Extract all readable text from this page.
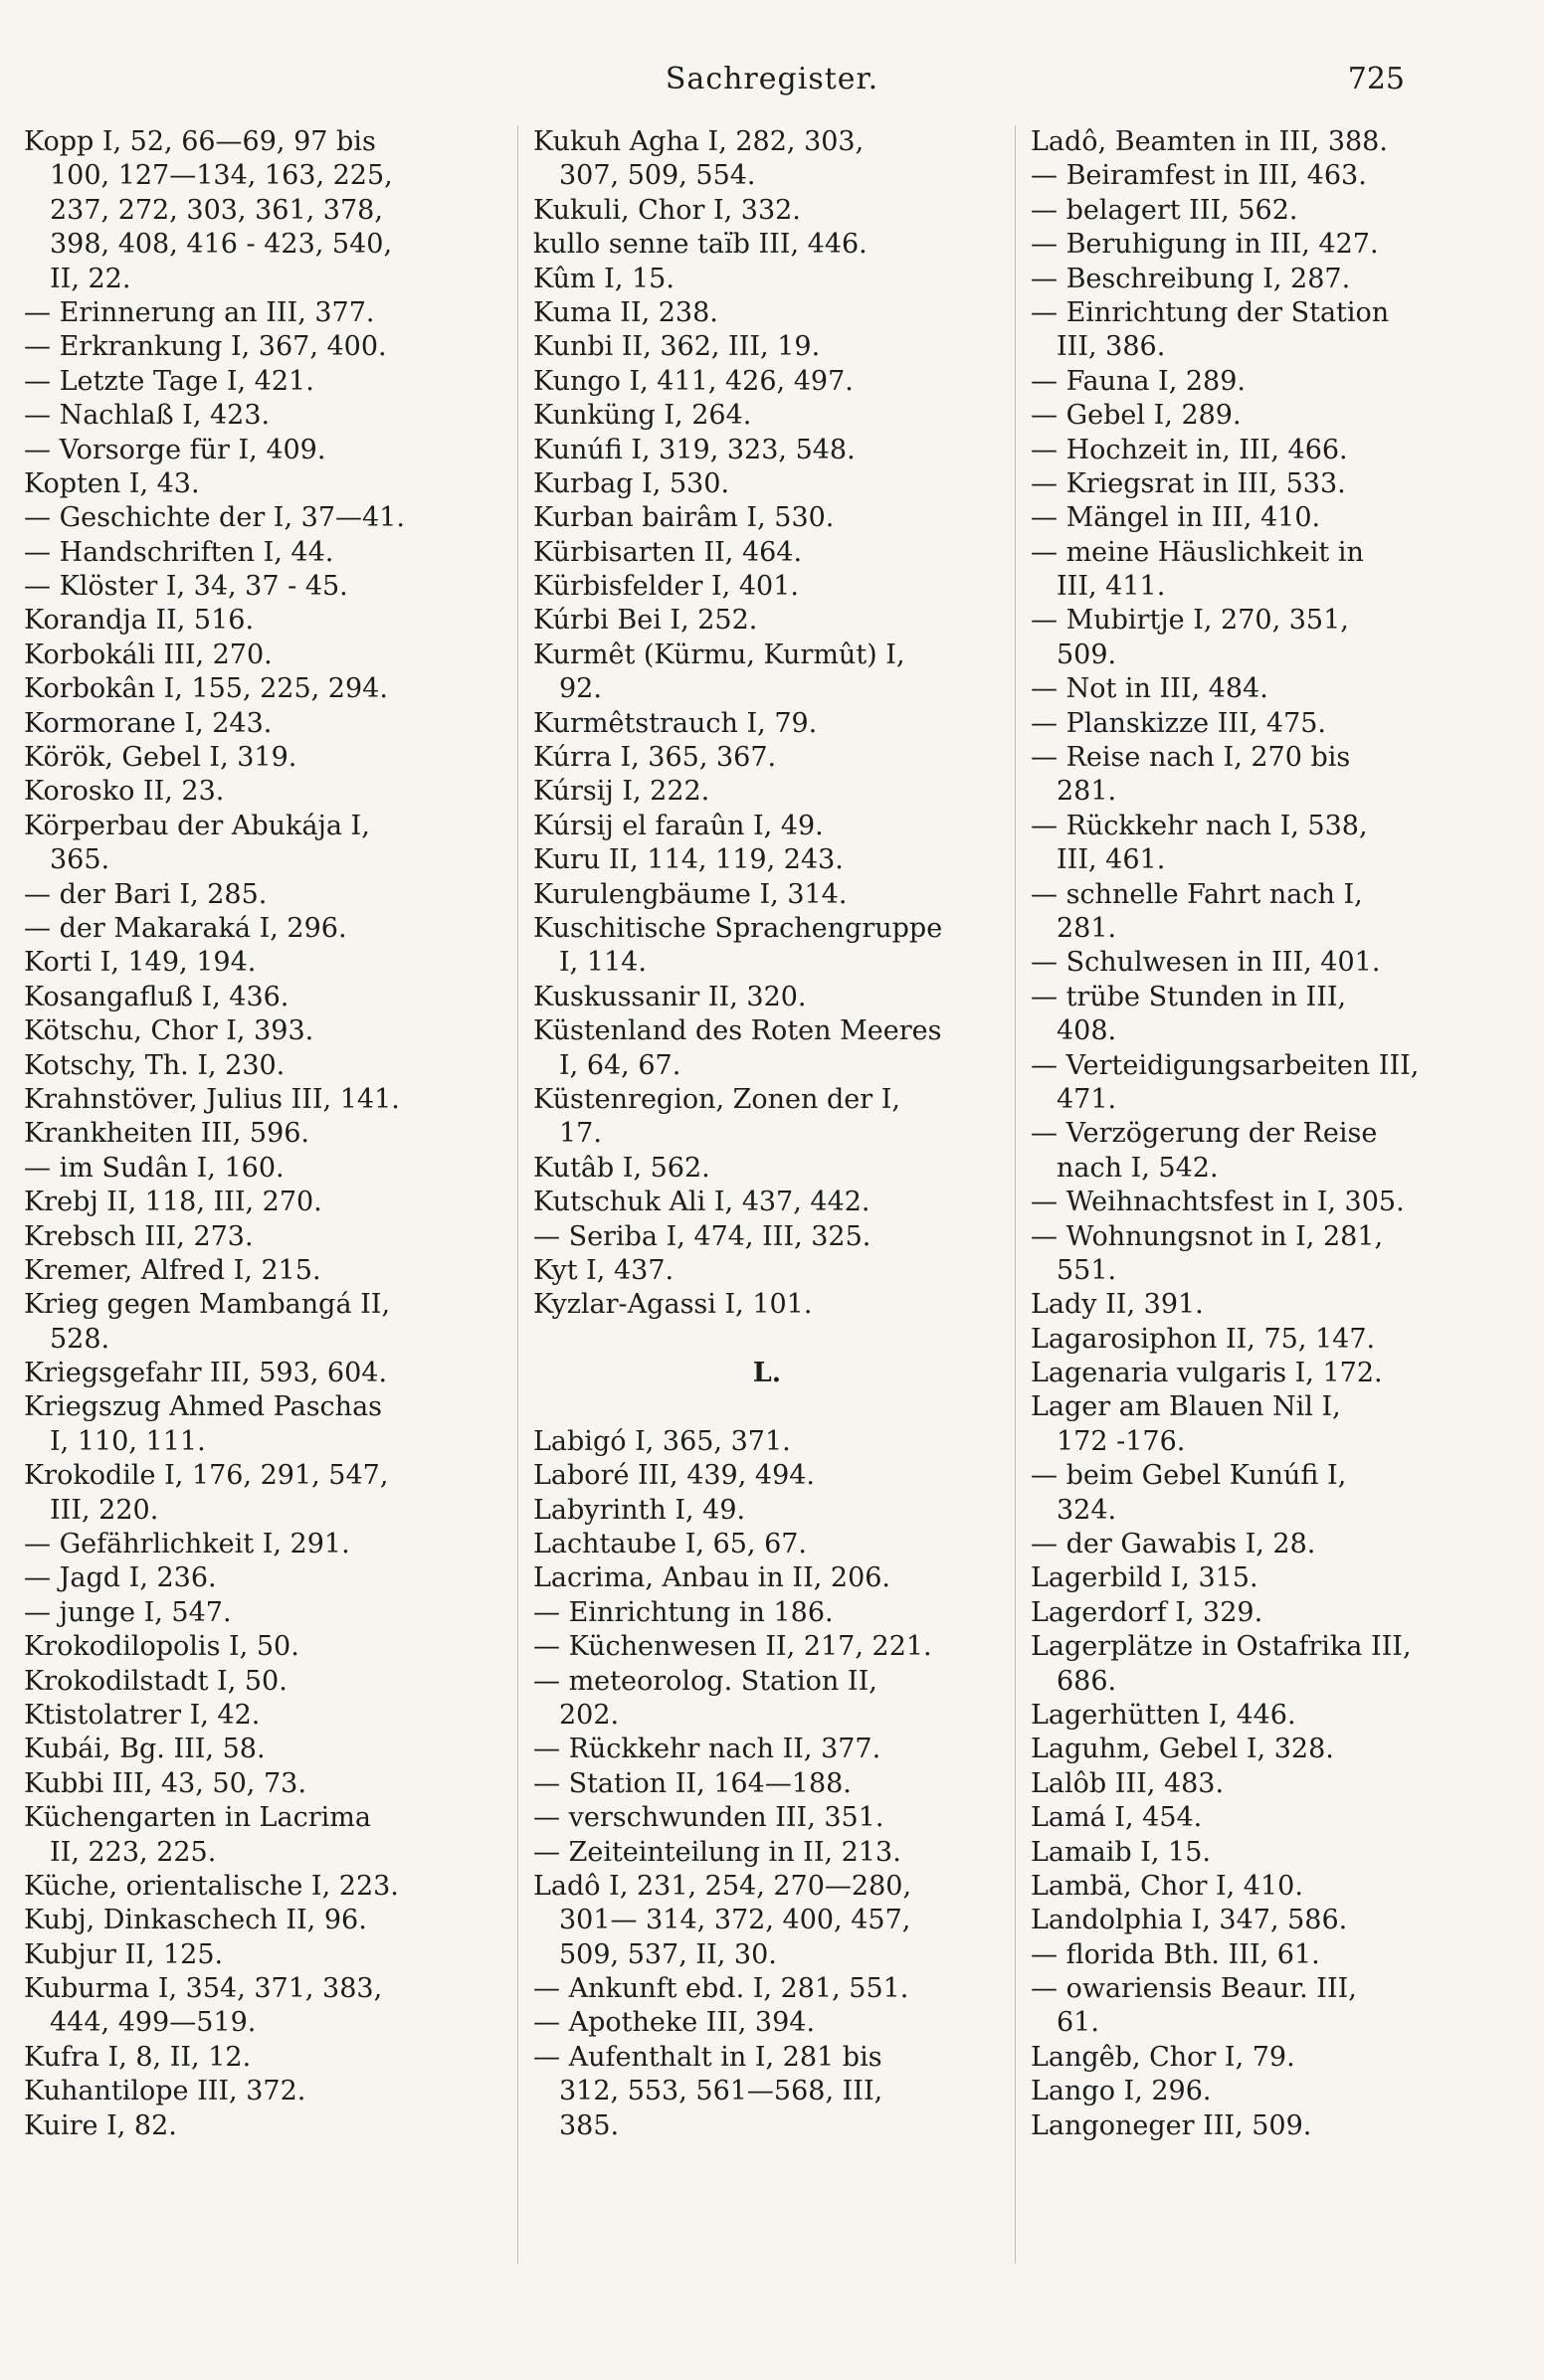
Sachregister.	725
Kopp I, 52, 66—69, 97 bis
100, 127—134, 163, 225,
237, 272, 303, 361, 378,
398, 408, 416 - 423, 540,
II, 22.
— Erinnerung an III, 377.
— Erkrankung I, 367, 400.
— Letzte Tage I, 421.
— Nachlaß I, 423.
— Vorsorge für I, 409.
Kopten I, 43.
— Geschichte der I, 37—41.
— Handschriften I, 44.
— Klöster I, 34, 37 - 45.
Korandja II, 516.
Korbokáli III, 270.
Korbokân I, 155, 225, 294.
Kormorane I, 243.
Körök, Gebel I, 319.
Korosko II, 23.
Körperbau der Abukája I,
365.
— der Bari I, 285.
— der Makaraká I, 296.
Korti I, 149, 194.
Kosangafluß I, 436.
Kötschu, Chor I, 393.
Kotschy, Th. I, 230.
Krahnstöver, Julius III, 141.
Krankheiten III, 596.
— im Sudân I, 160.
Krebj II, 118, III, 270.
Krebsch III, 273.
Kremer, Alfred I, 215.
Krieg gegen Mambangá II,
528.
Kriegsgefahr III, 593, 604.
Kriegszug Ahmed Paschas
I, 110, 111.
Krokodile I, 176, 291, 547,
III, 220.
— Gefährlichkeit I, 291.
— Jagd I, 236.
— junge I, 547.
Krokodilopolis I, 50.
Krokodilstadt I, 50.
Ktistolatrer I, 42.
Kubái, Bg. III, 58.
Kubbi III, 43, 50, 73.
Küchengarten in Lacrima
II, 223, 225.
Küche, orientalische I, 223.
Kubj, Dinkaschech II, 96.
Kubjur II, 125.
Kuburma I, 354, 371, 383,
444, 499—519.
Kufra I, 8, II, 12.
Kuhantilope III, 372.
Kuire I, 82.
Kukuh Agha I, 282, 303,
307, 509, 554.
Kukuli, Chor I, 332.
kullo senne taïb III, 446.
Kûm I, 15.
Kuma II, 238.
Kunbi II, 362, III, 19.
Kungo I, 411, 426, 497.
Kunküng I, 264.
Kunúfi I, 319, 323, 548.
Kurbag I, 530.
Kurban bairâm I, 530.
Kürbisarten II, 464.
Kürbisfelder I, 401.
Kúrbi Bei I, 252.
Kurmêt (Kürmu, Kurmût) I,
92.
Kurmêtstrauch I, 79.
Kúrra I, 365, 367.
Kúrsij I, 222.
Kúrsij el faraûn I, 49.
Kuru II, 114, 119, 243.
Kurulengbäume I, 314.
Kuschitische Sprachengruppe
I, 114.
Kuskussanir II, 320.
Küstenland des Roten Meeres
I, 64, 67.
Küstenregion, Zonen der I,
17.
Kutâb I, 562.
Kutschuk Ali I, 437, 442.
— Seriba I, 474, III, 325.
Kyt I, 437.
Kyzlar-Agassi I, 101.
L.
Labigó I, 365, 371.
Laboré III, 439, 494.
Labyrinth I, 49.
Lachtaube I, 65, 67.
Lacrima, Anbau in II, 206.
— Einrichtung in 186.
— Küchenwesen II, 217, 221.
— meteorolog. Station II,
202.
— Rückkehr nach II, 377.
— Station II, 164—188.
— verschwunden III, 351.
— Zeiteinteilung in II, 213.
Ladô I, 231, 254, 270—280,
301— 314, 372, 400, 457,
509, 537, II, 30.
— Ankunft ebd. I, 281, 551.
— Apotheke III, 394.
— Aufenthalt in I, 281 bis
312, 553, 561—568, III,
385.
Ladô, Beamten in III, 388.
— Beiramfest in III, 463.
— belagert III, 562.
— Beruhigung in III, 427.
— Beschreibung I, 287.
— Einrichtung der Station
III, 386.
— Fauna I, 289.
— Gebel I, 289.
— Hochzeit in, III, 466.
— Kriegsrat in III, 533.
— Mängel in III, 410.
— meine Häuslichkeit in
III, 411.
— Mubirtje I, 270, 351,
509.
— Not in III, 484.
— Planskizze III, 475.
— Reise nach I, 270 bis
281.
— Rückkehr nach I, 538,
III, 461.
— schnelle Fahrt nach I,
281.
— Schulwesen in III, 401.
— trübe Stunden in III,
408.
— Verteidigungsarbeiten III,
471.
— Verzögerung der Reise
nach I, 542.
— Weihnachtsfest in I, 305.
— Wohnungsnot in I, 281,
551.
Lady II, 391.
Lagarosiphon II, 75, 147.
Lagenaria vulgaris I, 172.
Lager am Blauen Nil I,
172 -176.
— beim Gebel Kunúfi I,
324.
— der Gawabis I, 28.
Lagerbild I, 315.
Lagerdorf I, 329.
Lagerplätze in Ostafrika III,
686.
Lagerhütten I, 446.
Laguhm, Gebel I, 328.
Lalôb III, 483.
Lamá I, 454.
Lamaib I, 15.
Lambä, Chor I, 410.
Landolphia I, 347, 586.
— florida Bth. III, 61.
— owariensis Beaur. III,
61.
Langêb, Chor I, 79.
Lango I, 296.
Langoneger III, 509.
